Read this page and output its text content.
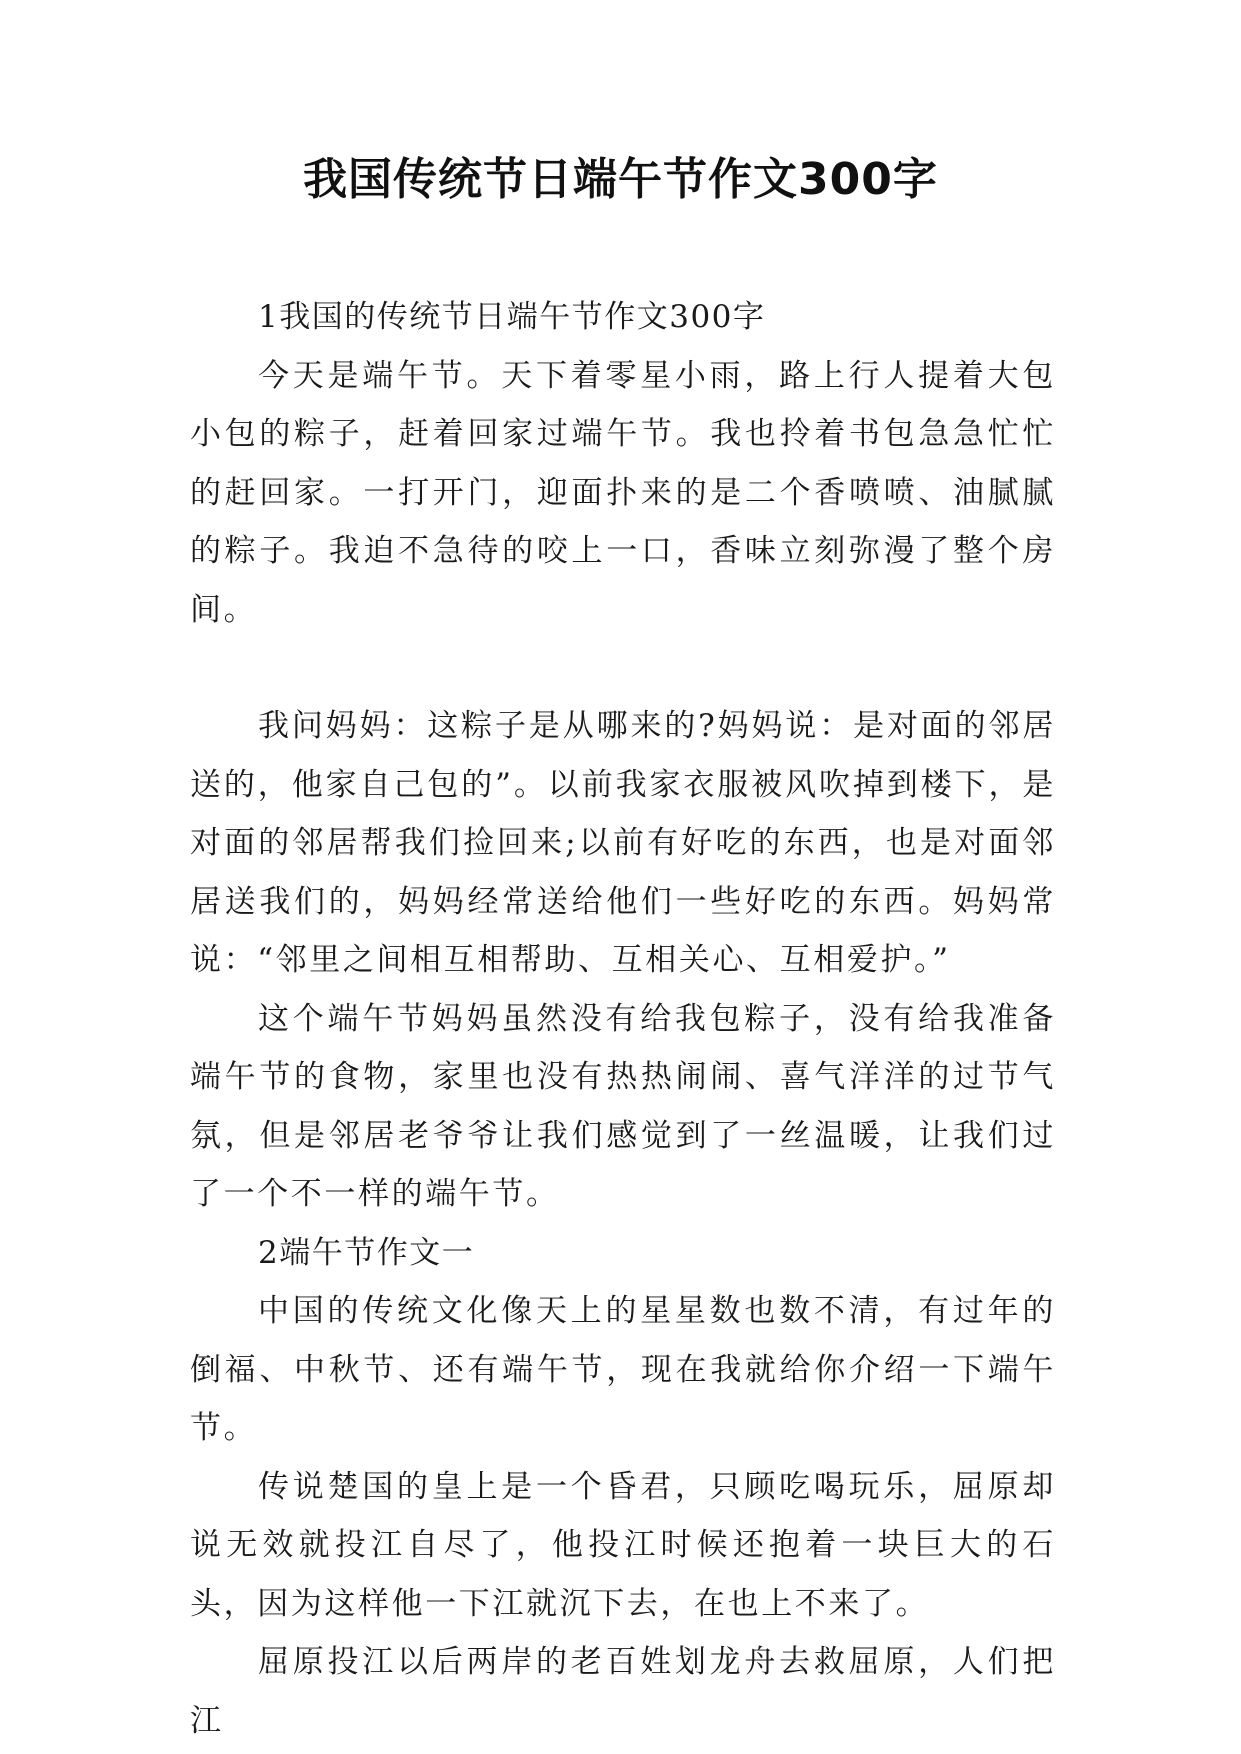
我国传统节日端午节作文300字

1我国的传统节日端午节作文300字

今天是端午节。天下着零星小雨，路上行人提着大包小包的粽子，赶着回家过端午节。我也拎着书包急急忙忙的赶回家。一打开门，迎面扑来的是二个香喷喷、油腻腻的粽子。我迫不急待的咬上一口，香味立刻弥漫了整个房间。

我问妈妈：这粽子是从哪来的?妈妈说：是对面的邻居送的，他家自己包的”。以前我家衣服被风吹掉到楼下，是对面的邻居帮我们捡回来;以前有好吃的东西，也是对面邻居送我们的，妈妈经常送给他们一些好吃的东西。妈妈常说：“邻里之间相互相帮助、互相关心、互相爱护。”

这个端午节妈妈虽然没有给我包粽子，没有给我准备端午节的食物，家里也没有热热闹闹、喜气洋洋的过节气氛，但是邻居老爷爷让我们感觉到了一丝温暖，让我们过了一个不一样的端午节。

2端午节作文一

中国的传统文化像天上的星星数也数不清，有过年的倒福、中秋节、还有端午节，现在我就给你介绍一下端午节。

传说楚国的皇上是一个昏君，只顾吃喝玩乐，屈原却说无效就投江自尽了，他投江时候还抱着一块巨大的石头，因为这样他一下江就沉下去，在也上不来了。

屈原投江以后两岸的老百姓划龙舟去救屈原，人们把江
